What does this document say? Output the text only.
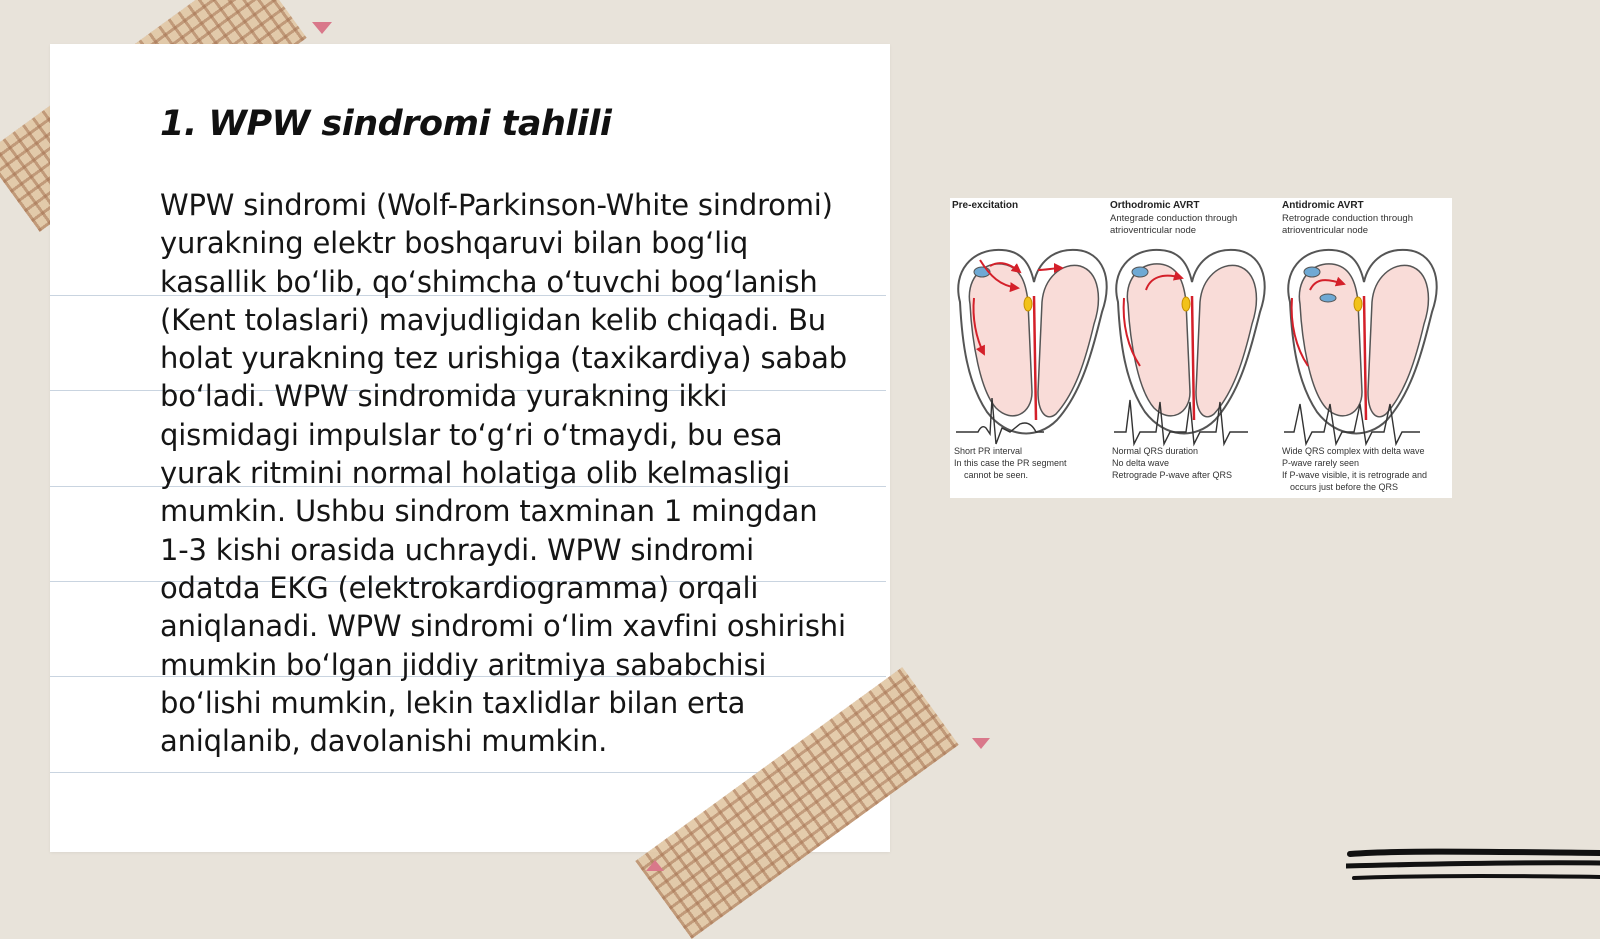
1. WPW sindromi tahlili

WPW sindromi (Wolf-Parkinson-White sindromi) yurakning elektr boshqaruvi bilan bog‘liq kasallik bo‘lib, qo‘shimcha o‘tuvchi bog‘lanish (Kent tolaslari) mavjudligidan kelib chiqadi. Bu holat yurakning tez urishiga (taxikardiya) sabab bo‘ladi. WPW sindromida yurakning ikki qismidagi impulslar to‘g‘ri o‘tmaydi, bu esa yurak ritmini normal holatiga olib kelmasligi mumkin. Ushbu sindrom taxminan 1 mingdan 1-3 kishi orasida uchraydi. WPW sindromi odatda EKG (elektrokardiogramma) orqali aniqlanadi. WPW sindromi o‘lim xavfini oshirishi mumkin bo‘lgan jiddiy aritmiya sababchisi bo‘lishi mumkin, lekin taxlidlar bilan erta aniqlanib, davolanishi mumkin.

Pre-excitation
Short PR interval
In this case the PR segment
cannot be seen.
Orthodromic AVRT
Antegrade conduction through atrioventricular node
Normal QRS duration
No delta wave
Retrograde P-wave after QRS
Antidromic AVRT
Retrograde conduction through atrioventricular node
Wide QRS complex with delta wave
P-wave rarely seen
If P-wave visible, it is retrograde and
occurs just before the QRS
